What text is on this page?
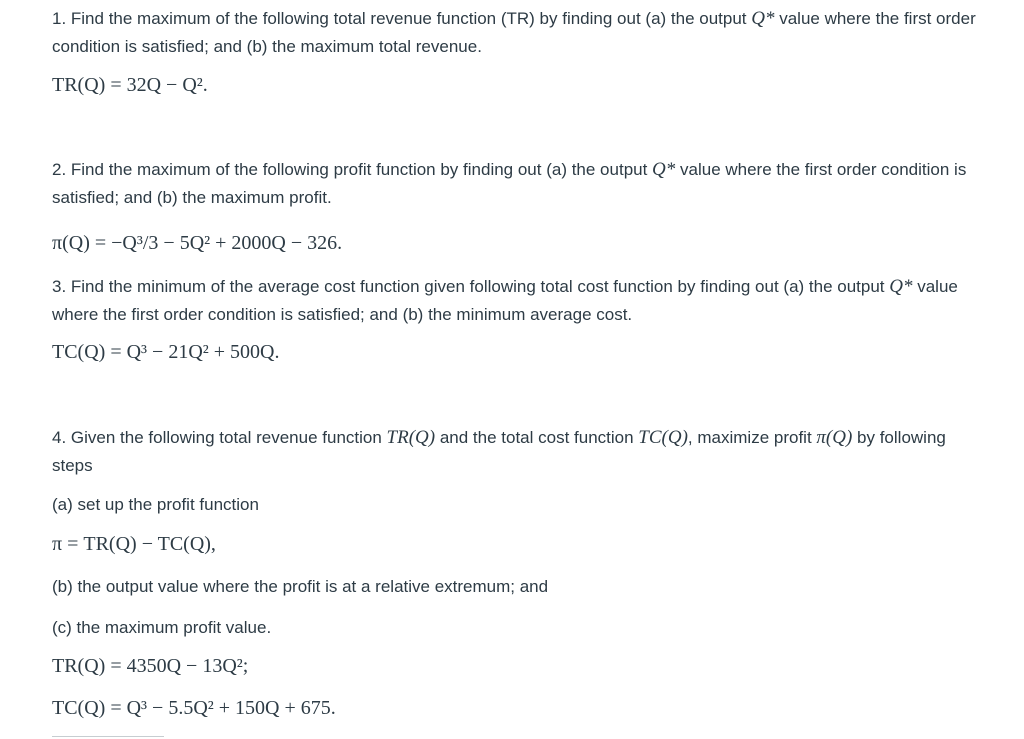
1. Find the maximum of the following total revenue function (TR) by finding out (a) the output Q* value where the first order condition is satisfied; and (b) the maximum total revenue.
TR(Q) = 32Q − Q².
2. Find the maximum of the following profit function by finding out (a) the output Q* value where the first order condition is satisfied; and (b) the maximum profit.
π(Q) = −Q³/3 − 5Q² + 2000Q − 326.
3. Find the minimum of the average cost function given following total cost function by finding out (a) the output Q* value where the first order condition is satisfied; and (b) the minimum average cost.
TC(Q) = Q³ − 21Q² + 500Q.
4. Given the following total revenue function TR(Q) and the total cost function TC(Q), maximize profit π(Q) by following steps
(a) set up the profit function
π = TR(Q) − TC(Q),
(b) the output value where the profit is at a relative extremum; and
(c) the maximum profit value.
TR(Q) = 4350Q − 13Q²;
TC(Q) = Q³ − 5.5Q² + 150Q + 675.
